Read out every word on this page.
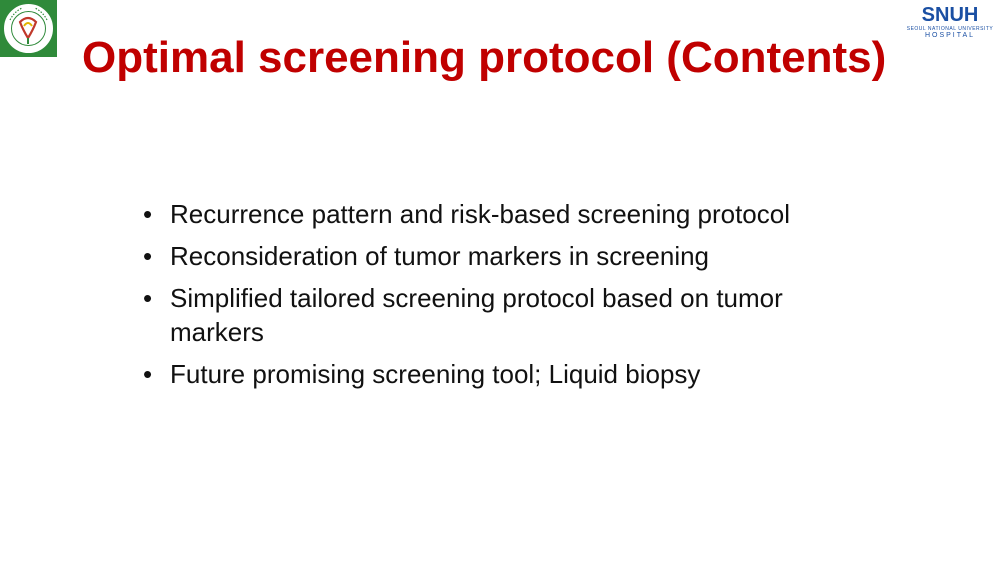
SNUH
SEOUL NATIONAL UNIVERSITY
HOSPITAL
Optimal screening protocol (Contents)
• Recurrence pattern and risk-based screening protocol
• Reconsideration of tumor markers in screening
• Simplified tailored screening protocol based on tumor markers
• Future promising screening tool; Liquid biopsy
